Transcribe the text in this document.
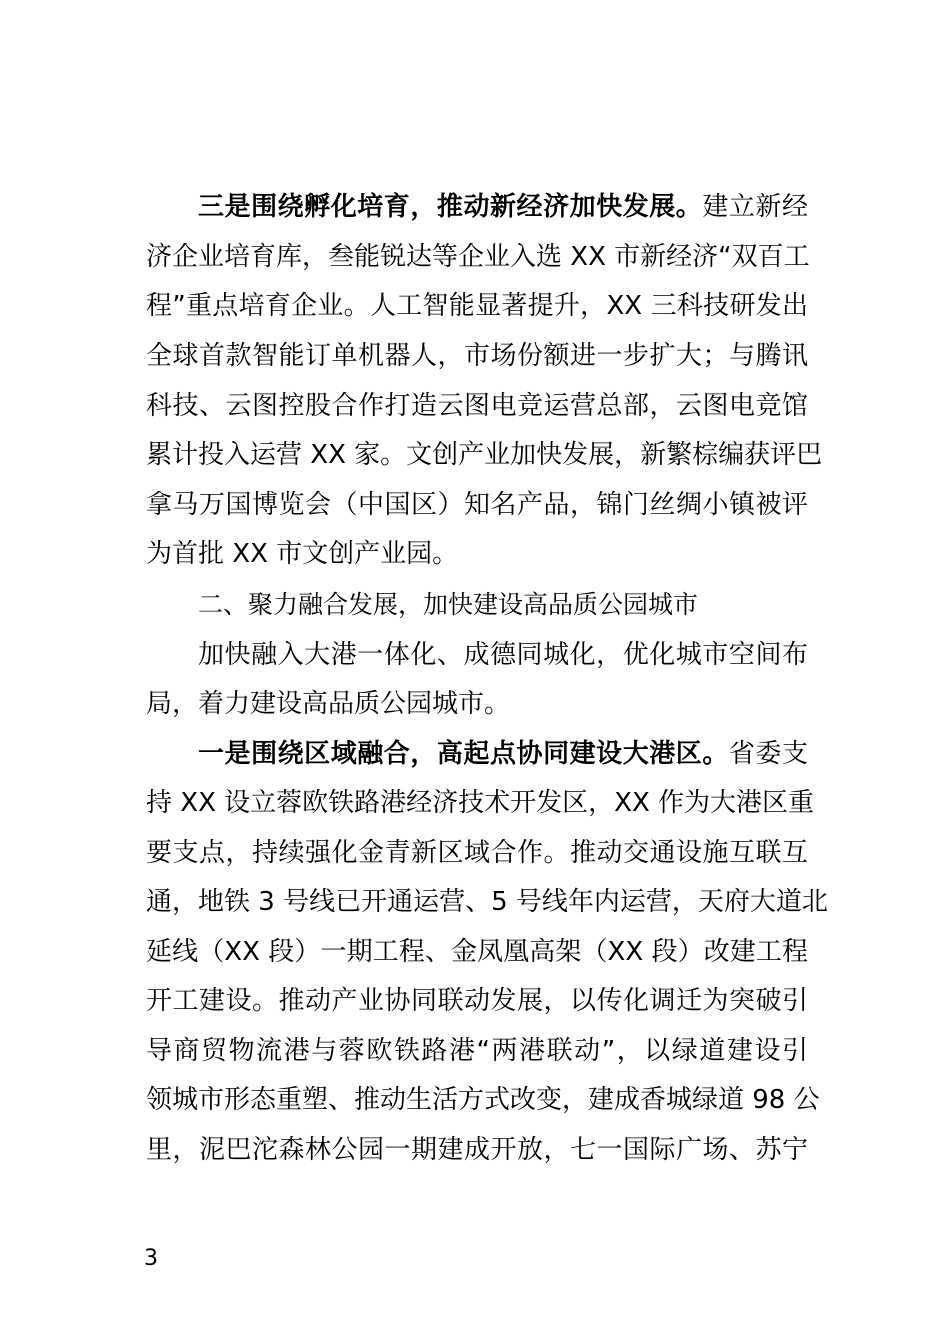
三是围绕孵化培育，推动新经济加快发展。建立新经
济企业培育库，叁能锐达等企业入选 XX 市新经济“双百工
程”重点培育企业。人工智能显著提升，XX 三科技研发出
全球首款智能订单机器人，市场份额进一步扩大；与腾讯
科技、云图控股合作打造云图电竞运营总部，云图电竞馆
累计投入运营 XX 家。文创产业加快发展，新繁棕编获评巴
拿马万国博览会（中国区）知名产品，锦门丝绸小镇被评
为首批 XX 市文创产业园。
二、聚力融合发展，加快建设高品质公园城市
加快融入大港一体化、成德同城化，优化城市空间布
局，着力建设高品质公园城市。
一是围绕区域融合，高起点协同建设大港区。省委支
持 XX 设立蓉欧铁路港经济技术开发区，XX 作为大港区重
要支点，持续强化金青新区域合作。推动交通设施互联互
通，地铁 3 号线已开通运营、5 号线年内运营，天府大道北
延线（XX 段）一期工程、金凤凰高架（XX 段）改建工程
开工建设。推动产业协同联动发展，以传化调迁为突破引
导商贸物流港与蓉欧铁路港“两港联动”，以绿道建设引
领城市形态重塑、推动生活方式改变，建成香城绿道 98 公
里，泥巴沱森林公园一期建成开放，七一国际广场、苏宁
3
